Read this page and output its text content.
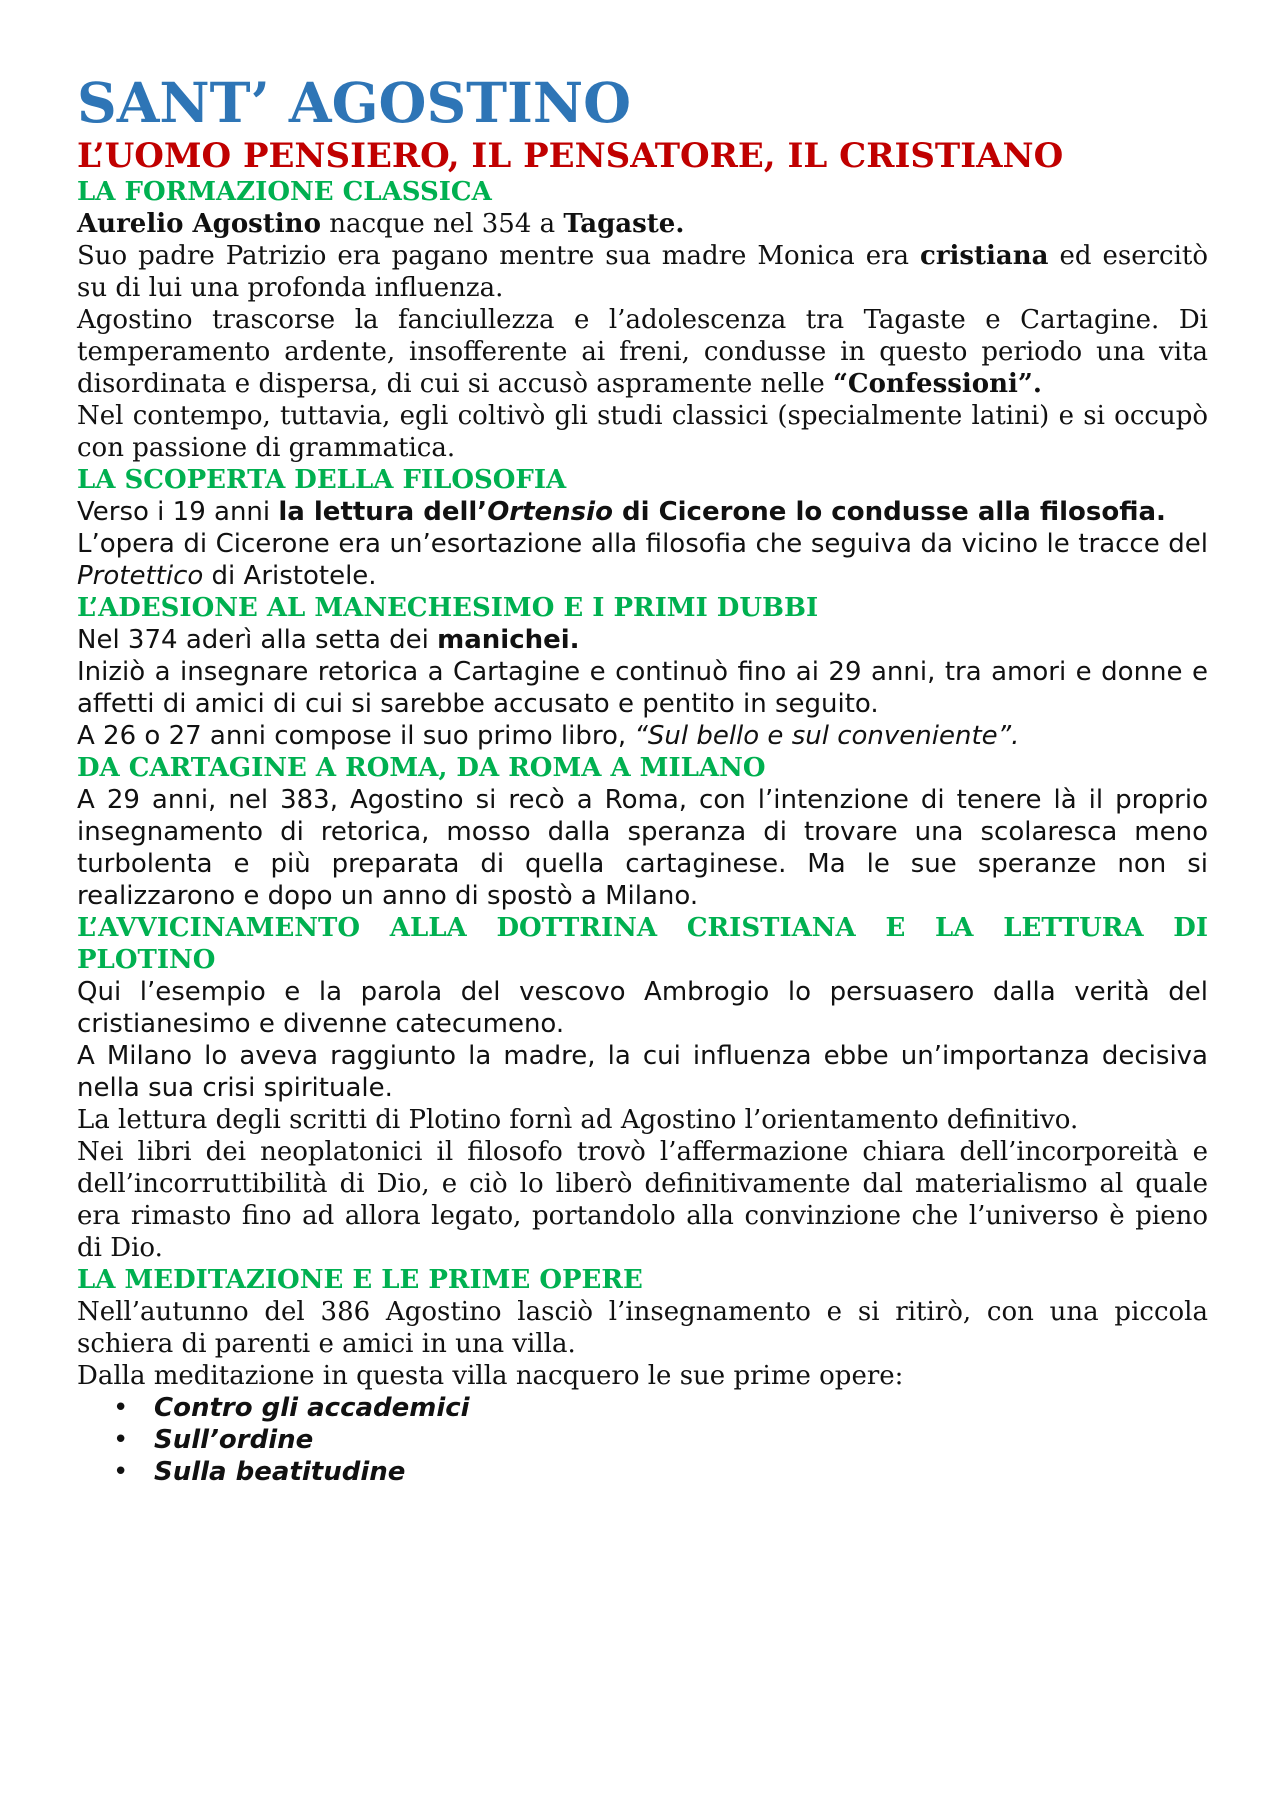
SANT’ AGOSTINO
L’UOMO PENSIERO, IL PENSATORE, IL CRISTIANO
LA FORMAZIONE CLASSICA

Aurelio Agostino nacque nel 354 a Tagaste.

Suo padre Patrizio era pagano mentre sua madre Monica era cristiana ed esercitò su di lui una profonda influenza.

Agostino trascorse la fanciullezza e l’adolescenza tra Tagaste e Cartagine. Di temperamento ardente, insofferente ai freni, condusse in questo periodo una vita disordinata e dispersa, di cui si accusò aspramente nelle “Confessioni”.

Nel contempo, tuttavia, egli coltivò gli studi classici (specialmente latini) e si occupò con passione di grammatica.

LA SCOPERTA DELLA FILOSOFIA

Verso i 19 anni la lettura dell’Ortensio di Cicerone lo condusse alla filosofia.

L’opera di Cicerone era un’esortazione alla filosofia che seguiva da vicino le tracce del Protettico di Aristotele.

L’ADESIONE AL MANECHESIMO E I PRIMI DUBBI

Nel 374 aderì alla setta dei manichei.

Iniziò a insegnare retorica a Cartagine e continuò fino ai 29 anni, tra amori e donne e affetti di amici di cui si sarebbe accusato e pentito in seguito.

A 26 o 27 anni compose il suo primo libro, “Sul bello e sul conveniente”.

DA CARTAGINE A ROMA, DA ROMA A MILANO

A 29 anni, nel 383, Agostino si recò a Roma, con l’intenzione di tenere là il proprio insegnamento di retorica, mosso dalla speranza di trovare una scolaresca meno turbolenta e più preparata di quella cartaginese. Ma le sue speranze non si realizzarono e dopo un anno di spostò a Milano.

L’AVVICINAMENTO ALLA DOTTRINA CRISTIANA E LA LETTURA DI PLOTINO

Qui l’esempio e la parola del vescovo Ambrogio lo persuasero dalla verità del cristianesimo e divenne catecumeno.

A Milano lo aveva raggiunto la madre, la cui influenza ebbe un’importanza decisiva nella sua crisi spirituale.

La lettura degli scritti di Plotino fornì ad Agostino l’orientamento definitivo.

Nei libri dei neoplatonici il filosofo trovò l’affermazione chiara dell’incorporeità e dell’incorruttibilità di Dio, e ciò lo liberò definitivamente dal materialismo al quale era rimasto fino ad allora legato, portandolo alla convinzione che l’universo è pieno di Dio.

LA MEDITAZIONE E LE PRIME OPERE

Nell’autunno del 386 Agostino lasciò l’insegnamento e si ritirò, con una piccola schiera di parenti e amici in una villa.

Dalla meditazione in questa villa nacquero le sue prime opere:

• Contro gli accademici
• Sull’ordine
• Sulla beatitudine
